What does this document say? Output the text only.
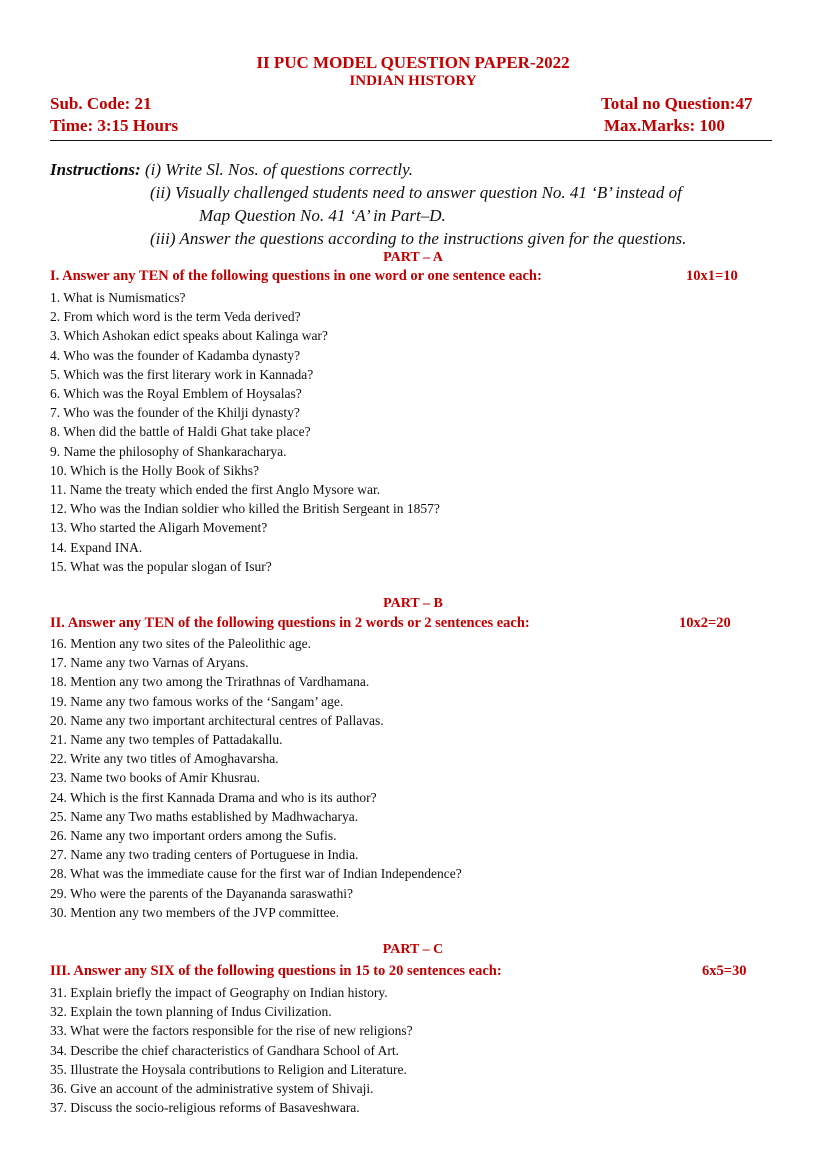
II PUC MODEL QUESTION PAPER-2022
INDIAN HISTORY
Sub. Code: 21	Total no Question:47
Time: 3:15 Hours	Max.Marks: 100
Instructions: (i) Write Sl. Nos. of questions correctly.
(ii) Visually challenged students need to answer question No. 41 ‘B’ instead of
Map Question No. 41 ‘A’ in Part–D.
(iii) Answer the questions according to the instructions given for the questions.
PART – A
I. Answer any TEN of the following questions in one word or one sentence each:	10x1=10
1. What is Numismatics?
2. From which word is the term Veda derived?
3. Which Ashokan edict speaks about Kalinga war?
4. Who was the founder of Kadamba dynasty?
5. Which was the first literary work in Kannada?
6. Which was the Royal Emblem of Hoysalas?
7. Who was the founder of the Khilji dynasty?
8. When did the battle of Haldi Ghat take place?
9. Name the philosophy of Shankaracharya.
10. Which is the Holly Book of Sikhs?
11. Name the treaty which ended the first Anglo Mysore war.
12. Who was the Indian soldier who killed the British Sergeant in 1857?
13. Who started the Aligarh Movement?
14. Expand INA.
15. What was the popular slogan of Isur?
PART – B
II. Answer any TEN of the following questions in 2 words or 2 sentences each:	10x2=20
16. Mention any two sites of the Paleolithic age.
17. Name any two Varnas of Aryans.
18. Mention any two among the Trirathnas of Vardhamana.
19. Name any two famous works of the ‘Sangam’ age.
20. Name any two important architectural centres of Pallavas.
21. Name any two temples of Pattadakallu.
22. Write any two titles of Amoghavarsha.
23. Name two books of Amir Khusrau.
24. Which is the first Kannada Drama and who is its author?
25. Name any Two maths established by Madhwacharya.
26. Name any two important orders among the Sufis.
27. Name any two trading centers of Portuguese in India.
28. What was the immediate cause for the first war of Indian Independence?
29. Who were the parents of the Dayananda saraswathi?
30. Mention any two members of the JVP committee.
PART – C
III. Answer any SIX of the following questions in 15 to 20 sentences each:	6x5=30
31. Explain briefly the impact of Geography on Indian history.
32. Explain the town planning of Indus Civilization.
33. What were the factors responsible for the rise of new religions?
34. Describe the chief characteristics of Gandhara School of Art.
35. Illustrate the Hoysala contributions to Religion and Literature.
36. Give an account of the administrative system of Shivaji.
37. Discuss the socio-religious reforms of Basaveshwara.
